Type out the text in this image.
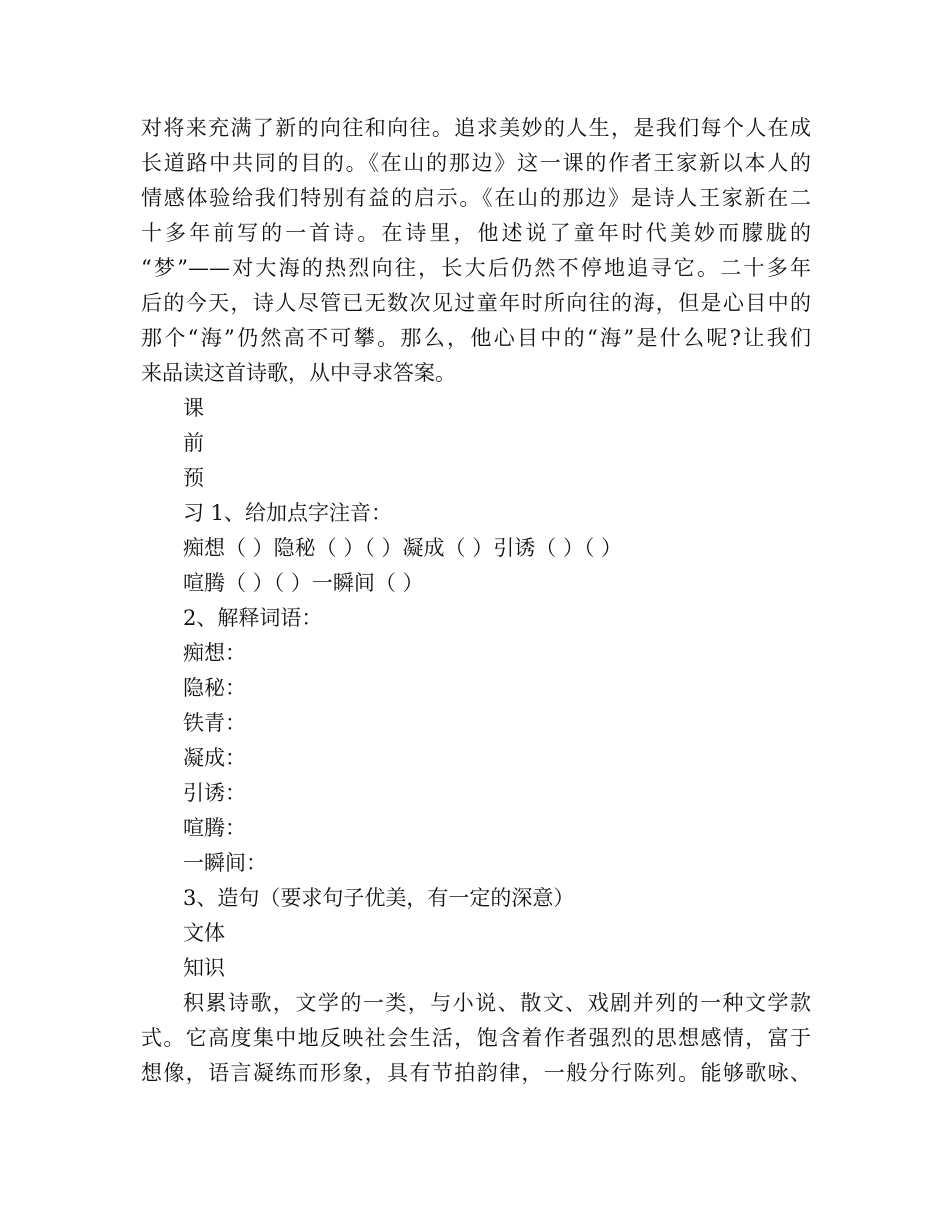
对将来充满了新的向往和向往。追求美妙的人生，是我们每个人在成
长道路中共同的目的。《在山的那边》这一课的作者王家新以本人的
情感体验给我们特别有益的启示。《在山的那边》是诗人王家新在二
十多年前写的一首诗。在诗里，他述说了童年时代美妙而朦胧的
“梦”——对大海的热烈向往，长大后仍然不停地追寻它。二十多年
后的今天，诗人尽管已无数次见过童年时所向往的海，但是心目中的
那个“海”仍然高不可攀。那么，他心目中的“海”是什么呢?让我们
来品读这首诗歌，从中寻求答案。
课
前
预
习 1、给加点字注音：
痴想（ ）隐秘（ ）（ ）凝成（ ）引诱（ ）（ ）
喧腾（ ）（ ）一瞬间（ ）
2、解释词语：
痴想：
隐秘：
铁青：
凝成：
引诱：
喧腾：
一瞬间：
3、造句（要求句子优美，有一定的深意）
文体
知识
积累诗歌，文学的一类，与小说、散文、戏剧并列的一种文学款
式。它高度集中地反映社会生活，饱含着作者强烈的思想感情，富于
想像，语言凝练而形象，具有节拍韵律，一般分行陈列。能够歌咏、
